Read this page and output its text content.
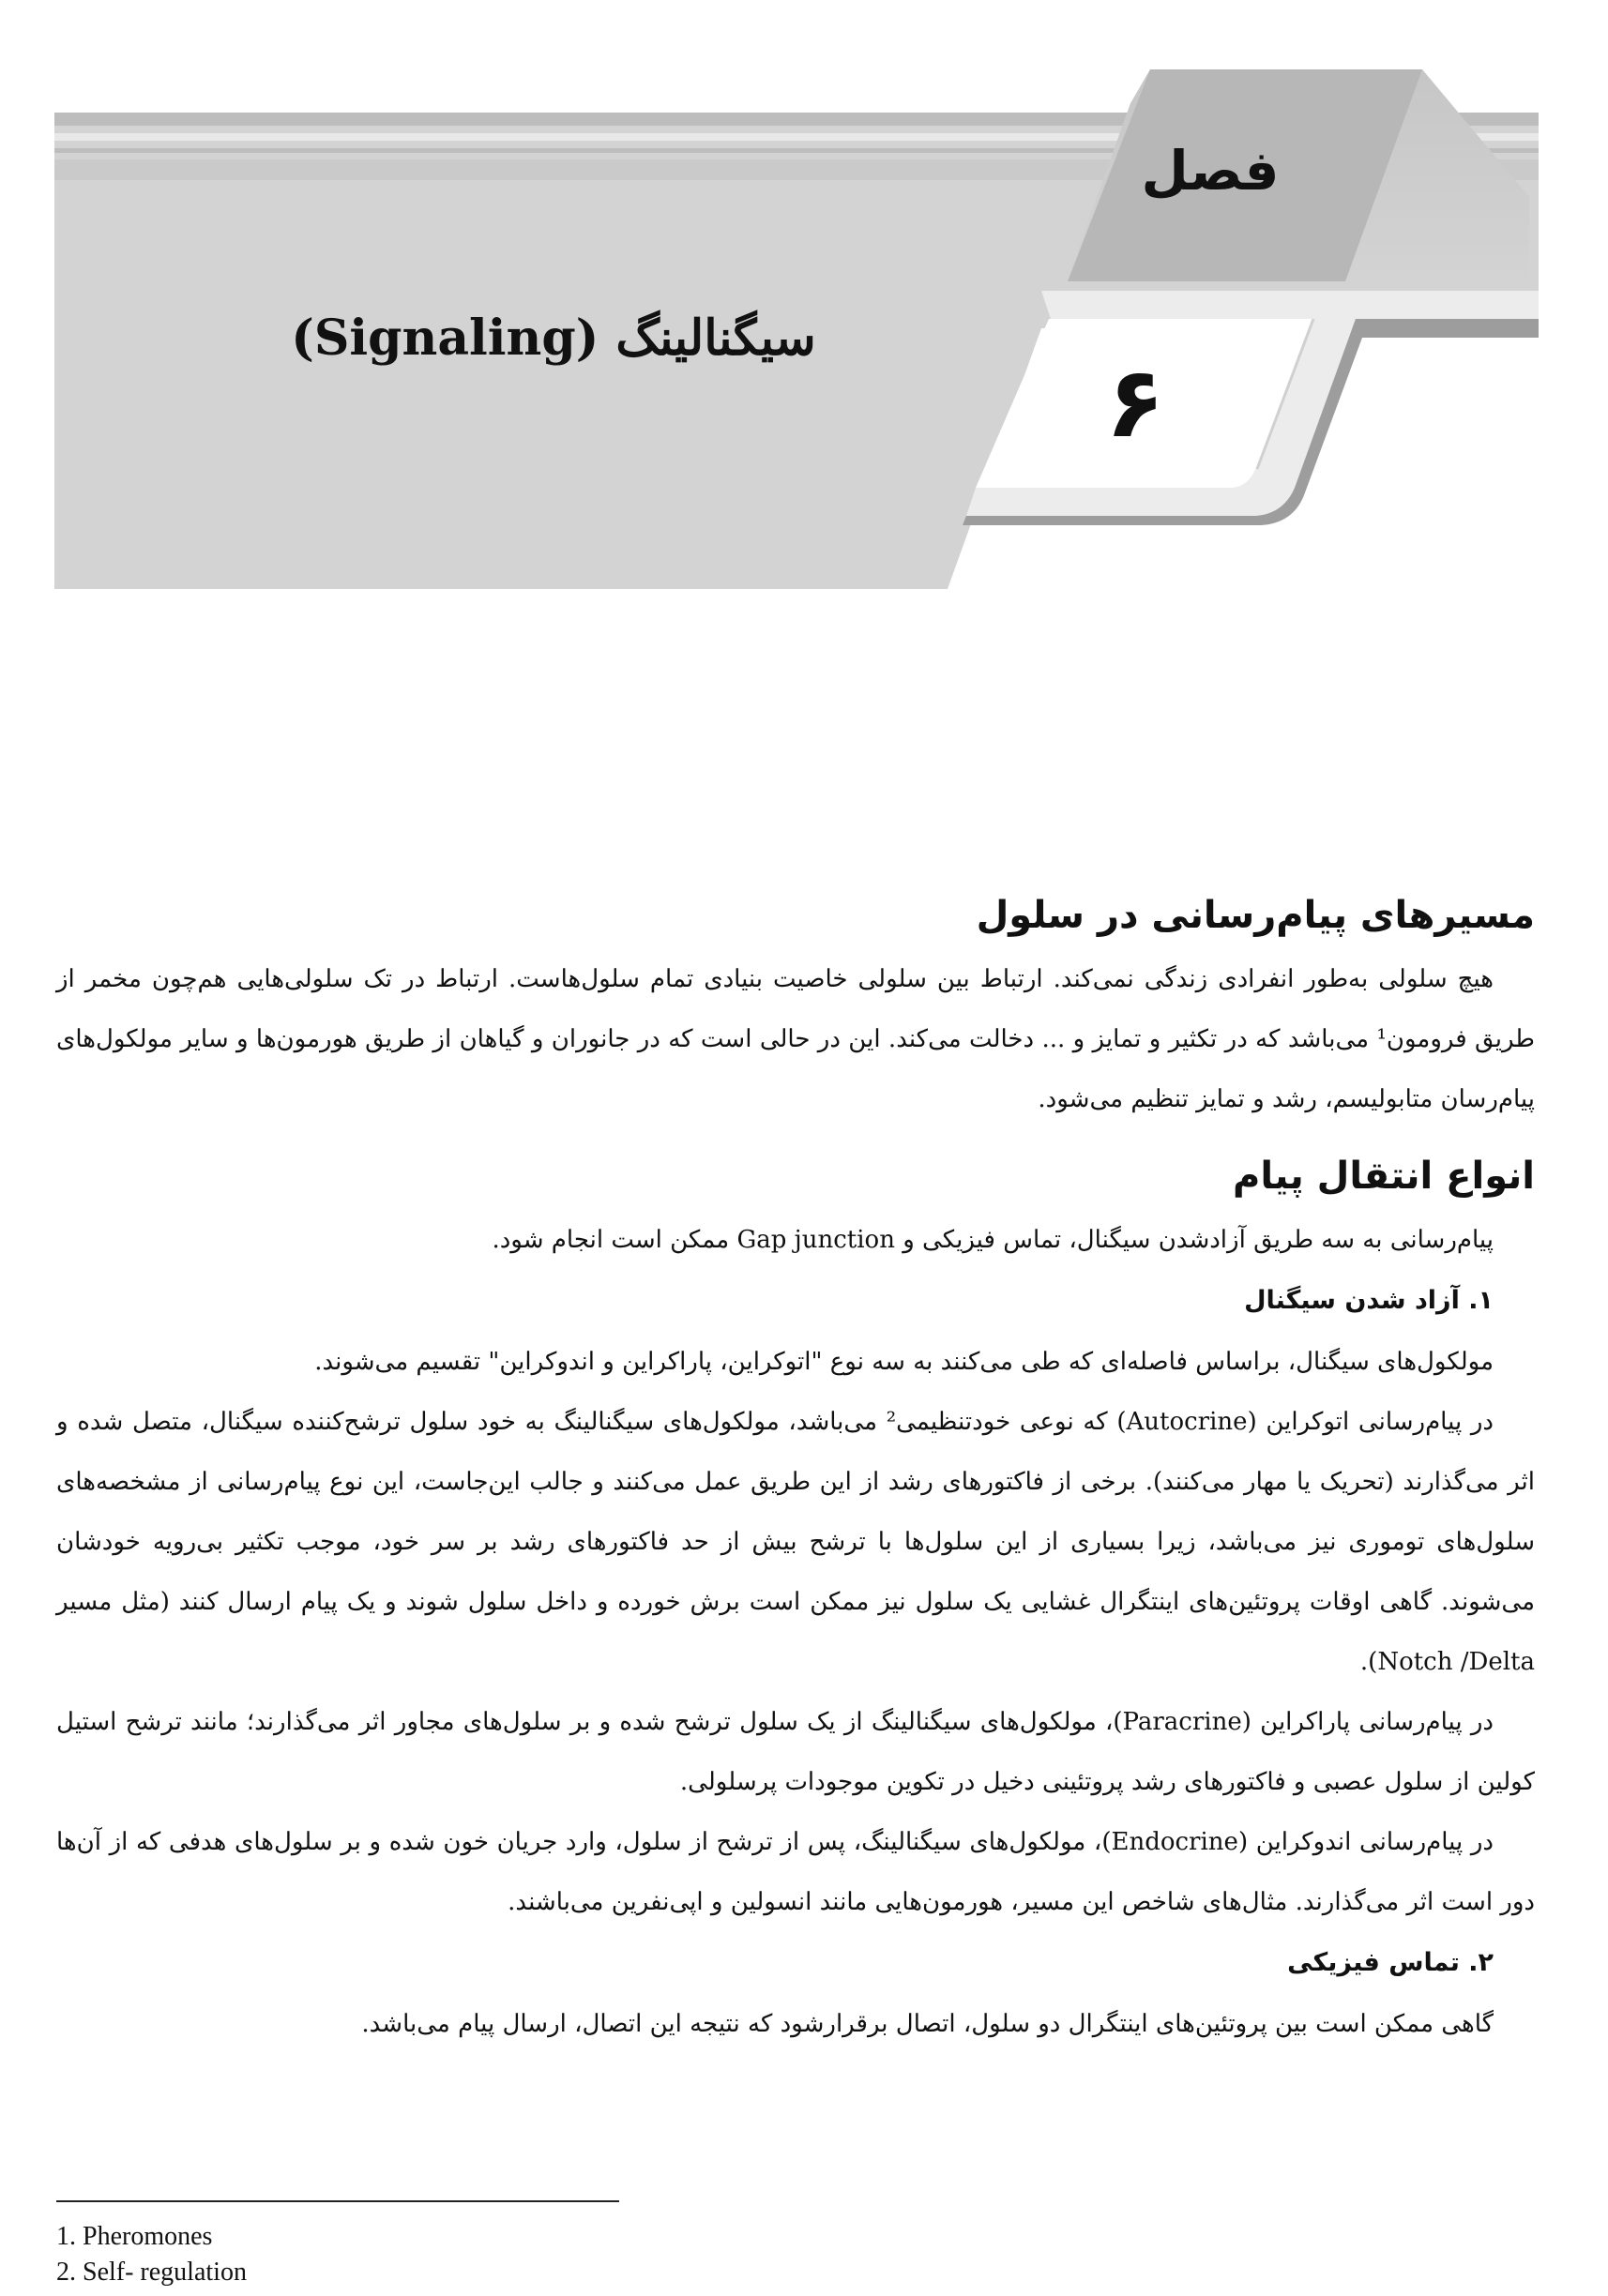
فصل
۶
سیگنالینگ (Signaling)
مسیرهای پیام‌رسانی در سلول

هیچ سلولی به‌طور انفرادی زندگی نمی‌کند. ارتباط بین سلولی خاصیت بنیادی تمام سلول‌هاست. ارتباط در تک سلولی‌هایی هم‌چون مخمر از طریق فرومون¹ می‌باشد که در تکثیر و تمایز و ... دخالت می‌کند. این در حالی است که در جانوران و گیاهان از طریق هورمون‌ها و سایر مولکول‌های پیام‌رسان متابولیسم، رشد و تمایز تنظیم می‌شود.

انواع انتقال پیام

پیام‌رسانی به سه طریق آزادشدن سیگنال، تماس فیزیکی و Gap junction ممکن است انجام شود.

۱. آزاد شدن سیگنال

مولکول‌های سیگنال، براساس فاصله‌ای که طی می‌کنند به سه نوع "اتوکراین، پاراکراین و اندوکراین" تقسیم می‌شوند.

در پیام‌رسانی اتوکراین (Autocrine) که نوعی خودتنظیمی² می‌باشد، مولکول‌های سیگنالینگ به خود سلول ترشح‌کننده سیگنال، متصل شده و اثر می‌گذارند (تحریک یا مهار می‌کنند). برخی از فاکتورهای رشد از این طریق عمل می‌کنند و جالب این‌جاست، این نوع پیام‌رسانی از مشخصه‌های سلول‌های توموری نیز می‌باشد، زیرا بسیاری از این سلول‌ها با ترشح بیش از حد فاکتورهای رشد بر سر خود، موجب تکثیر بی‌رویه خودشان می‌شوند. گاهی اوقات پروتئین‌های اینتگرال غشایی یک سلول نیز ممکن است برش خورده و داخل سلول شوند و یک پیام ارسال کنند (مثل مسیر Notch /Delta).

در پیام‌رسانی پاراکراین (Paracrine)، مولکول‌های سیگنالینگ از یک سلول ترشح شده و بر سلول‌های مجاور اثر می‌گذارند؛ مانند ترشح استیل کولین از سلول عصبی و فاکتورهای رشد پروتئینی دخیل در تکوین موجودات پرسلولی.

در پیام‌رسانی اندوکراین (Endocrine)، مولکول‌های سیگنالینگ، پس از ترشح از سلول، وارد جریان خون شده و بر سلول‌های هدفی که از آن‌ها دور است اثر می‌گذارند. مثال‌های شاخص این مسیر، هورمون‌هایی مانند انسولین و اپی‌نفرین می‌باشند.

۲. تماس فیزیکی

گاهی ممکن است بین پروتئین‌های اینتگرال دو سلول، اتصال برقرارشود که نتیجه این اتصال، ارسال پیام می‌باشد.

1. Pheromones
2. Self- regulation
